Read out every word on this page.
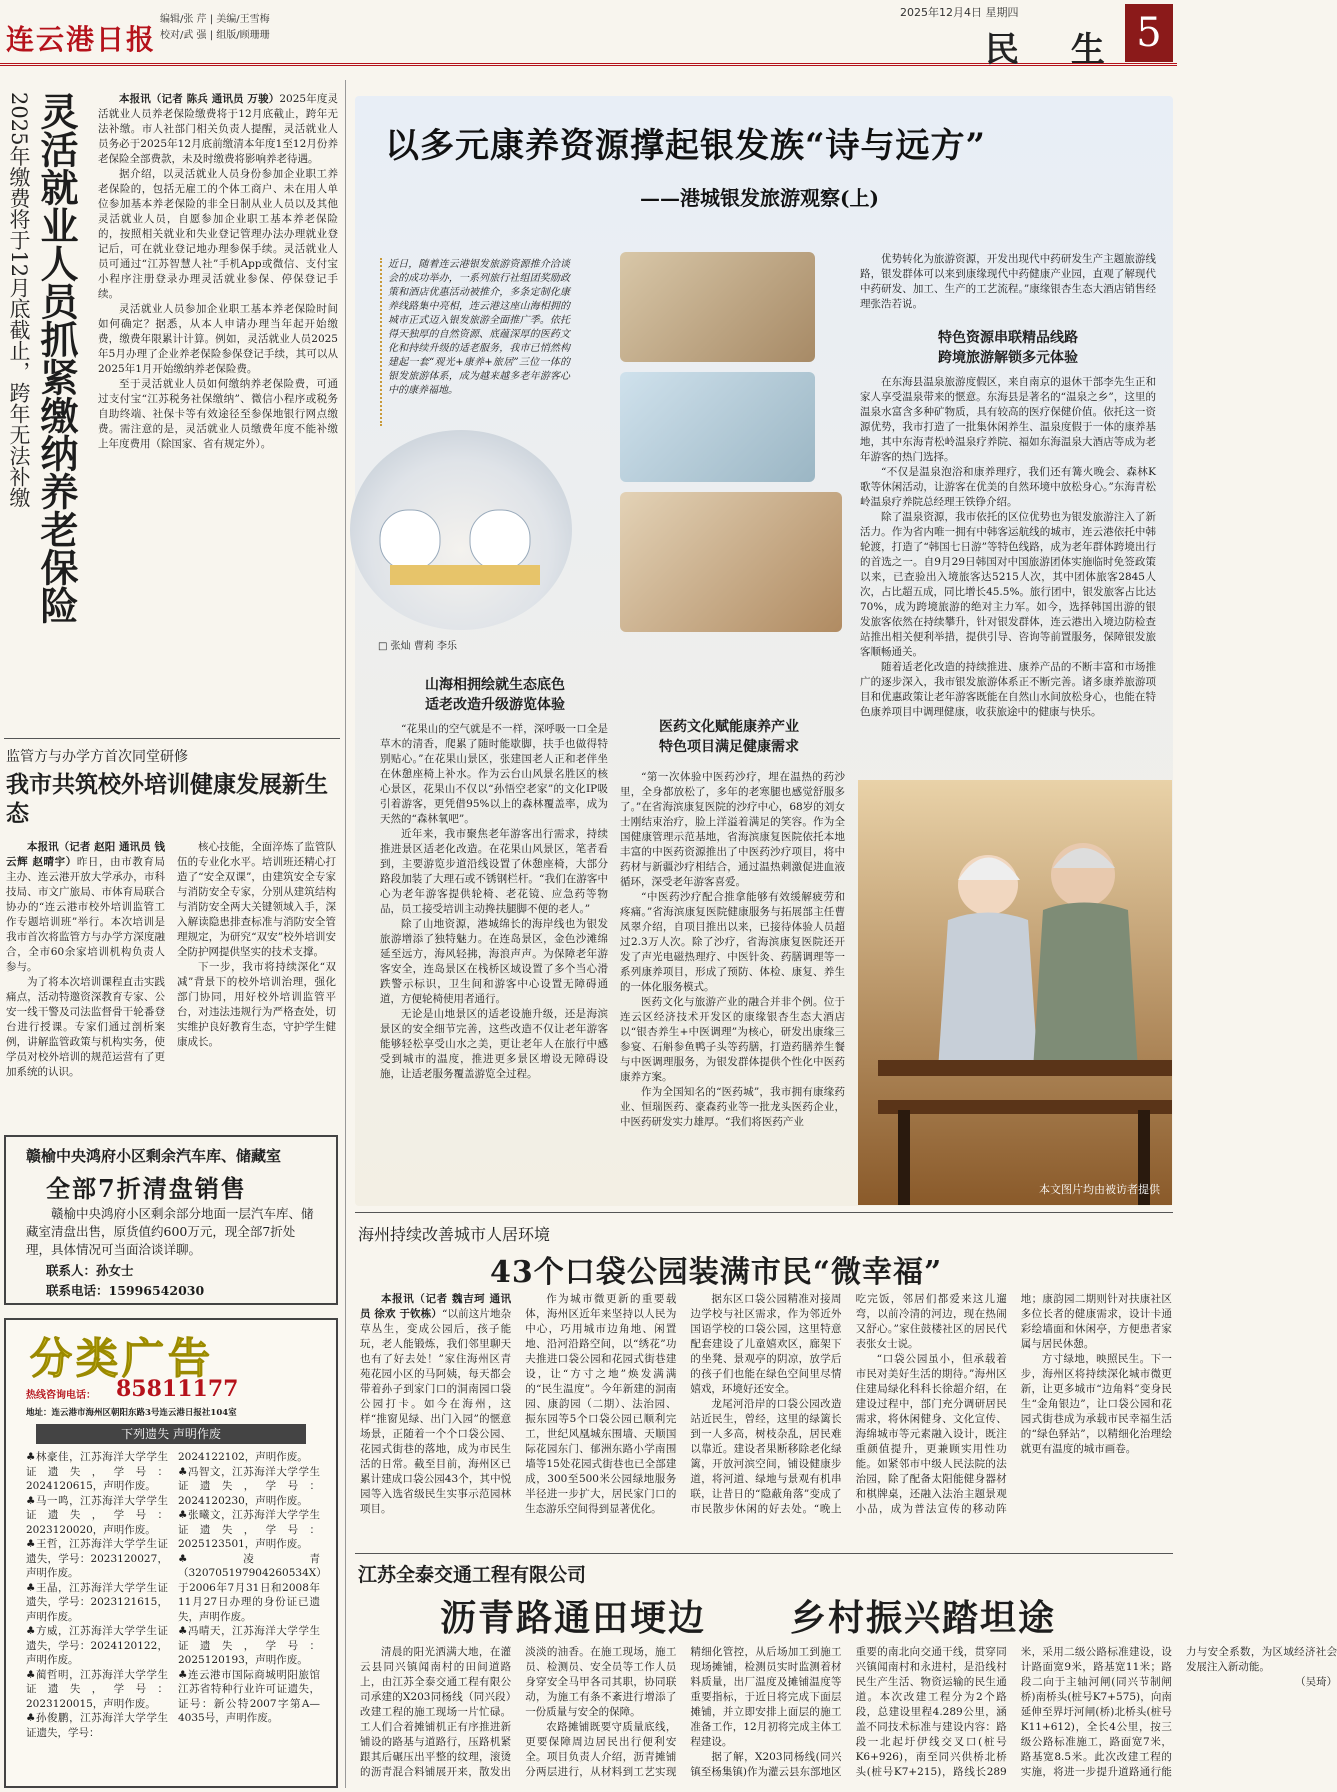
连云港日报
编辑/张 芹 | 美编/王雪梅
校对/武 强 | 组版/顾珊珊
2025年12月4日 星期四
民 生 5
2025年缴费将于12月底截止，跨年无法补缴 灵活就业人员抓紧缴纳养老保险	本报讯（记者 陈兵 通讯员 万骏）2025年度灵活就业人员养老保险缴费将于12月底截止，跨年无法补缴。市人社部门相关负责人提醒，灵活就业人员务必于2025年12月底前缴清本年度1至12月份养老保险全部费款，未及时缴费将影响养老待遇。

据介绍，以灵活就业人员身份参加企业职工养老保险的，包括无雇工的个体工商户、未在用人单位参加基本养老保险的非全日制从业人员以及其他灵活就业人员，自愿参加企业职工基本养老保险的，按照相关就业和失业登记管理办法办理就业登记后，可在就业登记地办理参保手续。灵活就业人员可通过“江苏智慧人社”手机App或微信、支付宝小程序注册登录办理灵活就业参保、停保登记手续。

灵活就业人员参加企业职工基本养老保险时间如何确定？据悉，从本人申请办理当年起开始缴费，缴费年限累计计算。例如，灵活就业人员2025年5月办理了企业养老保险参保登记手续，其可以从2025年1月开始缴纳养老保险费。

至于灵活就业人员如何缴纳养老保险费，可通过支付宝“江苏税务社保缴纳”、微信小程序或税务自助终端、社保卡等有效途径至参保地银行网点缴费。需注意的是，灵活就业人员缴费年度不能补缴上年度费用（除国家、省有规定外）。

监管方与办学方首次同堂研修
我市共筑校外培训健康发展新生态

本报讯（记者 赵阳 通讯员 钱云辉 赵晴宇）昨日，由市教育局主办、连云港开放大学承办，市科技局、市文广旅局、市体育局联合协办的“连云港市校外培训监管工作专题培训班”举行。本次培训是我市首次将监管方与办学方深度融合，全市60余家培训机构负责人参与。

为了将本次培训课程直击实践痛点，活动特邀资深教育专家、公安一线干警及司法监督骨干轮番登台进行授课。专家们通过剖析案例，讲解监管政策与机构实务，使学员对校外培训的规范运营有了更加系统的认识。

核心技能，全面淬炼了监管队伍的专业化水平。培训班还精心打造了“安全双课”，由建筑安全专家与消防安全专家，分别从建筑结构与消防安全两大关键领域入手，深入解读隐患排查标准与消防安全管理规定，为研究“双安”校外培训安全防护网提供坚实的技术支撑。

下一步，我市将持续深化“双减”背景下的校外培训治理，强化部门协同，用好校外培训监管平台，对违法违规行为严格查处，切实维护良好教育生态，守护学生健康成长。

赣榆中央鸿府小区剩余汽车库、储藏室
全部7折清盘销售
赣榆中央鸿府小区剩余部分地面一层汽车库、储藏室清盘出售，原货值约600万元，现全部7折处理，具体情况可当面洽谈详聊。
联系人：孙女士
联系电话：15996542030
分类广告
热线咨询电话： 85811177
地址：连云港市海州区朝阳东路3号连云港日报社104室
下列遗失 声明作废
♣林豪佳，江苏海洋大学学生证遗失，学号：2024120615，声明作废。
♣马一鸣，江苏海洋大学学生证遗失，学号：2023120020，声明作废。
♣王哲，江苏海洋大学学生证遗失，学号：2023120027，声明作废。
♣王晶，江苏海洋大学学生证遗失，学号：2023121615，声明作废。
♣方威，江苏海洋大学学生证遗失，学号：2024120122，声明作废。
♣蔺哲明，江苏海洋大学学生证遗失，学号：2023120015，声明作废。
♣孙俊鹏，江苏海洋大学学生证遗失，学号：
2024122102，声明作废。
♣冯智文，江苏海洋大学学生证遗失，学号：2024120230，声明作废。
♣张曦文，江苏海洋大学学生证遗失，学号：2025123501，声明作废。
♣凌青（320705197904260534X）于2006年7月31日和2008年11月27日办理的身份证已遗失，声明作废。
♣冯晴天，江苏海洋大学学生证遗失，学号：2025120193，声明作废。
♣连云港市国际商城明阳旅馆江苏省特种行业许可证遗失，证号：新公特2007字第A—4035号，声明作废。
以多元康养资源撑起银发族“诗与远方”
——港城银发旅游观察(上)
近日，随着连云港银发旅游资源推介洽谈会的成功举办，一系列旅行社组团奖励政策和酒店优惠活动被推介，多条定制化康养线路集中亮相，连云港这座山海相拥的城市正式迈入银发旅游全面推广季。依托得天独厚的自然资源、底蕴深厚的医药文化和持续升级的适老服务，我市已悄然构建起一套“观光+康养+旅居”三位一体的银发旅游体系，成为越来越多老年游客心中的康养福地。
□ 张灿 曹莉 李乐
山海相拥绘就生态底色
适老改造升级游览体验

“花果山的空气就是不一样，深呼吸一口全是草木的清香，爬累了随时能歇脚，扶手也做得特别贴心。”在花果山景区，张建国老人正和老伴坐在休憩座椅上补水。作为云台山风景名胜区的核心景区，花果山不仅以“孙悟空老家”的文化IP吸引着游客，更凭借95%以上的森林覆盖率，成为天然的“森林氧吧”。

近年来，我市聚焦老年游客出行需求，持续推进景区适老化改造。在花果山风景区，笔者看到，主要游览步道沿线设置了休憩座椅，大部分路段加装了大理石或不锈钢栏杆。“我们在游客中心为老年游客提供轮椅、老花镜、应急药等物品，员工接受培训主动搀扶腿脚不便的老人。”

除了山地资源，港城绵长的海岸线也为银发旅游增添了独特魅力。在连岛景区，金色沙滩绵延至远方，海风轻拂，海浪声声。为保障老年游客安全，连岛景区在栈桥区域设置了多个当心滑跌警示标识，卫生间和游客中心设置无障碍通道，方便轮椅使用者通行。

无论是山地景区的适老设施升级，还是海滨景区的安全细节完善，这些改造不仅让老年游客能够轻松享受山水之美，更让老年人在旅行中感受到城市的温度，推进更多景区增设无障碍设施，让适老服务覆盖游览全过程。

医药文化赋能康养产业
特色项目满足健康需求

“第一次体验中医药沙疗，埋在温热的药沙里，全身都放松了，多年的老寒腿也感觉舒服多了。”在省海滨康复医院的沙疗中心，68岁的刘女士刚结束治疗，脸上洋溢着满足的笑容。作为全国健康管理示范基地，省海滨康复医院依托本地丰富的中医药资源推出了中医药沙疗项目，将中药材与新疆沙疗相结合，通过温热刺激促进血液循环，深受老年游客喜爱。

“中医药沙疗配合推拿能够有效缓解疲劳和疼痛。”省海滨康复医院健康服务与拓展部主任曹凤翠介绍，自项目推出以来，已接待体验人员超过2.3万人次。除了沙疗，省海滨康复医院还开发了声光电磁热理疗、中医针灸、药膳调理等一系列康养项目，形成了预防、体检、康复、养生的一体化服务模式。

医药文化与旅游产业的融合并非个例。位于连云区经济技术开发区的康缘银杏生态大酒店以“银杏养生+中医调理”为核心，研发出康缘三参宴、石斛参鱼鸭子头等药膳，打造药膳养生餐与中医调理服务，为银发群体提供个性化中医药康养方案。

作为全国知名的“医药城”，我市拥有康缘药业、恒瑞医药、豪森药业等一批龙头医药企业，中医药研发实力雄厚。“我们将医药产业

优势转化为旅游资源，开发出现代中药研发生产主题旅游线路，银发群体可以来到康缘现代中药健康产业园，直观了解现代中药研发、加工、生产的工艺流程。”康缘银杏生态大酒店销售经理张浩若说。

特色资源串联精品线路
跨境旅游解锁多元体验

在东海县温泉旅游度假区，来自南京的退休干部李先生正和家人享受温泉带来的惬意。东海县是著名的“温泉之乡”，这里的温泉水富含多种矿物质，具有较高的医疗保健价值。依托这一资源优势，我市打造了一批集休闲养生、温泉度假于一体的康养基地，其中东海青松岭温泉疗养院、福如东海温泉大酒店等成为老年游客的热门选择。

“不仅是温泉泡浴和康养理疗，我们还有篝火晚会、森林K歌等休闲活动，让游客在优美的自然环境中放松身心。”东海青松岭温泉疗养院总经理王铁铮介绍。

除了温泉资源，我市依托的区位优势也为银发旅游注入了新活力。作为省内唯一拥有中韩客运航线的城市，连云港依托中韩轮渡，打造了“韩国七日游”等特色线路，成为老年群体跨境出行的首选之一。自9月29日韩国对中国旅游团体实施临时免签政策以来，已查验出入境旅客达5215人次，其中团体旅客2845人次，占比超五成，同比增长45.5%。旅行团中，银发旅客占比达70%，成为跨境旅游的绝对主力军。如今，选择韩国出游的银发旅客依然在持续攀升，针对银发群体，连云港出入境边防检查站推出相关便利举措，提供引导、咨询等前置服务，保障银发旅客顺畅通关。

随着适老化改造的持续推进、康养产品的不断丰富和市场推广的逐步深入，我市银发旅游体系正不断完善。诸多康养旅游项目和优惠政策让老年游客既能在自然山水间放松身心，也能在特色康养项目中调理健康，收获旅途中的健康与快乐。

本文图片均由被访者提供
海州持续改善城市人居环境
43个口袋公园装满市民“微幸福”

本报讯（记者 魏吉珂 通讯员 徐欢 于钦栋）“以前这片地杂草丛生，变成公园后，孩子能玩，老人能锻炼，我们邻里聊天也有了好去处！”家住海州区青苑花园小区的马阿姨，每天都会带着孙子到家门口的洞南园口袋公园打卡。如今在海州，这样“推窗见绿、出门入园”的惬意场景，正随着一个个口袋公园、花园式街巷的落地，成为市民生活的日常。截至目前，海州区已累计建成口袋公园43个，其中悦园等入选省级民生实事示范园林项目。

作为城市微更新的重要载体，海州区近年来坚持以人民为中心，巧用城市边角地、闲置地、沿河沿路空间，以“绣花”功夫推进口袋公园和花园式街巷建设，让“方寸之地”焕发满满的“民生温度”。今年新建的洞南园、康韵园（二期）、法治园、振东园等5个口袋公园已顺利完工，世纪风凰城东围墙、天顺国际花园东门、郁洲东路小学南围墙等15处花园式街巷也已全部建成，300至500米公园绿地服务半径进一步扩大，居民家门口的生态游乐空间得到显著优化。

据东区口袋公园精准对接周边学校与社区需求，作为邻近外国语学校的口袋公园，这里特意配套建设了儿童嬉欢区，廊架下的坐凳、景观亭的阴凉，放学后的孩子们也能在绿色空间里尽情嬉戏，环境好还安全。

龙尾河沿岸的口袋公园改造站近民生，曾经，这里的绿篱长到一人多高，树枝杂乱，居民难以靠近。建设者果断移除老化绿篱，开放河滨空间，铺设健康步道，将河道、绿地与景观有机串联，让昔日的“隐蔽角落”变成了市民散步休闲的好去处。“晚上吃完饭，邻居们都爱来这儿遛弯，以前冷清的河边，现在热闹又舒心。”家住鼓楼社区的居民代表张女士说。

“口袋公园虽小，但承载着市民对美好生活的期待。”海州区住建局绿化科科长徐超介绍，在建设过程中，部门充分调研居民需求，将休闲健身、文化宣传、海绵城市等元素融入设计，既注重颜值提升，更兼顾实用性功能。如紧邻市中级人民法院的法治园，除了配备太阳能健身器材和棋牌桌，还融入法治主题景观小品，成为普法宣传的移动阵地；康韵园二期则针对扶康社区多位长者的健康需求，设计卡通彩绘墙面和休闲亭，方便患者家属与居民休憩。

方寸绿地，映照民生。下一步，海州区将持续深化城市微更新，让更多城市“边角料”变身民生“金角银边”，让口袋公园和花园式街巷成为承载市民幸福生活的“绿色驿站”，以精细化治理绘就更有温度的城市画卷。

江苏全泰交通工程有限公司
沥青路通田埂边 乡村振兴踏坦途

清晨的阳光洒满大地，在灌云县同兴镇闻南村的田间道路上，由江苏全泰交通工程有限公司承建的X203同杨线（同兴段）改建工程的施工现场一片忙碌。工人们合着摊铺机正有序推进新铺设的路基与道路行，压路机紧跟其后碾压出平整的纹理，滚烫的沥青混合料铺展开来，散发出淡淡的油香。在施工现场，施工员、检测员、安全员等工作人员身穿安全马甲各司其职，协同联动，为施工有条不紊进行增添了一份质量与安全的保障。

农路摊铺既要守质量底线，更要保障周边居民出行便利安全。项目负责人介绍，沥青摊铺分两层进行，从材料到工艺实现精细化管控，从后场加工到施工现场摊铺，检测员实时监测着材料质量，出厂温度及摊铺温度等重要指标，于近日将完成下面层摊铺，并立即安排上面层的施工准备工作，12月初将完成主体工程建设。

据了解，X203同杨线(同兴镇至杨集镇)作为灌云县东部地区重要的南北向交通干线，贯穿同兴镇闻南村和永进村，是沿线村民生产生活、物资运输的民生通道。本次改建工程分为2个路段，总建设里程4.289公里，涵盖不同技术标准与建设内容：路段一北起圩伊线交叉口(桩号K6+926)，南至同兴供桥北桥头(桩号K7+215)，路线长289米，采用二级公路标准建设，设计路面宽9米，路基宽11米；路段二向于主轴河闸(同兴节制闸桥)南桥头(桩号K7+575)，向南延伸至界圩河闸(桥)北桥头(桩号K11+612)，全长4公里，按三级公路标准施工，路面宽7米，路基宽8.5米。此次改建工程的实施，将进一步提升道路通行能力与安全系数，为区域经济社会发展注入新动能。

（吴琦）
